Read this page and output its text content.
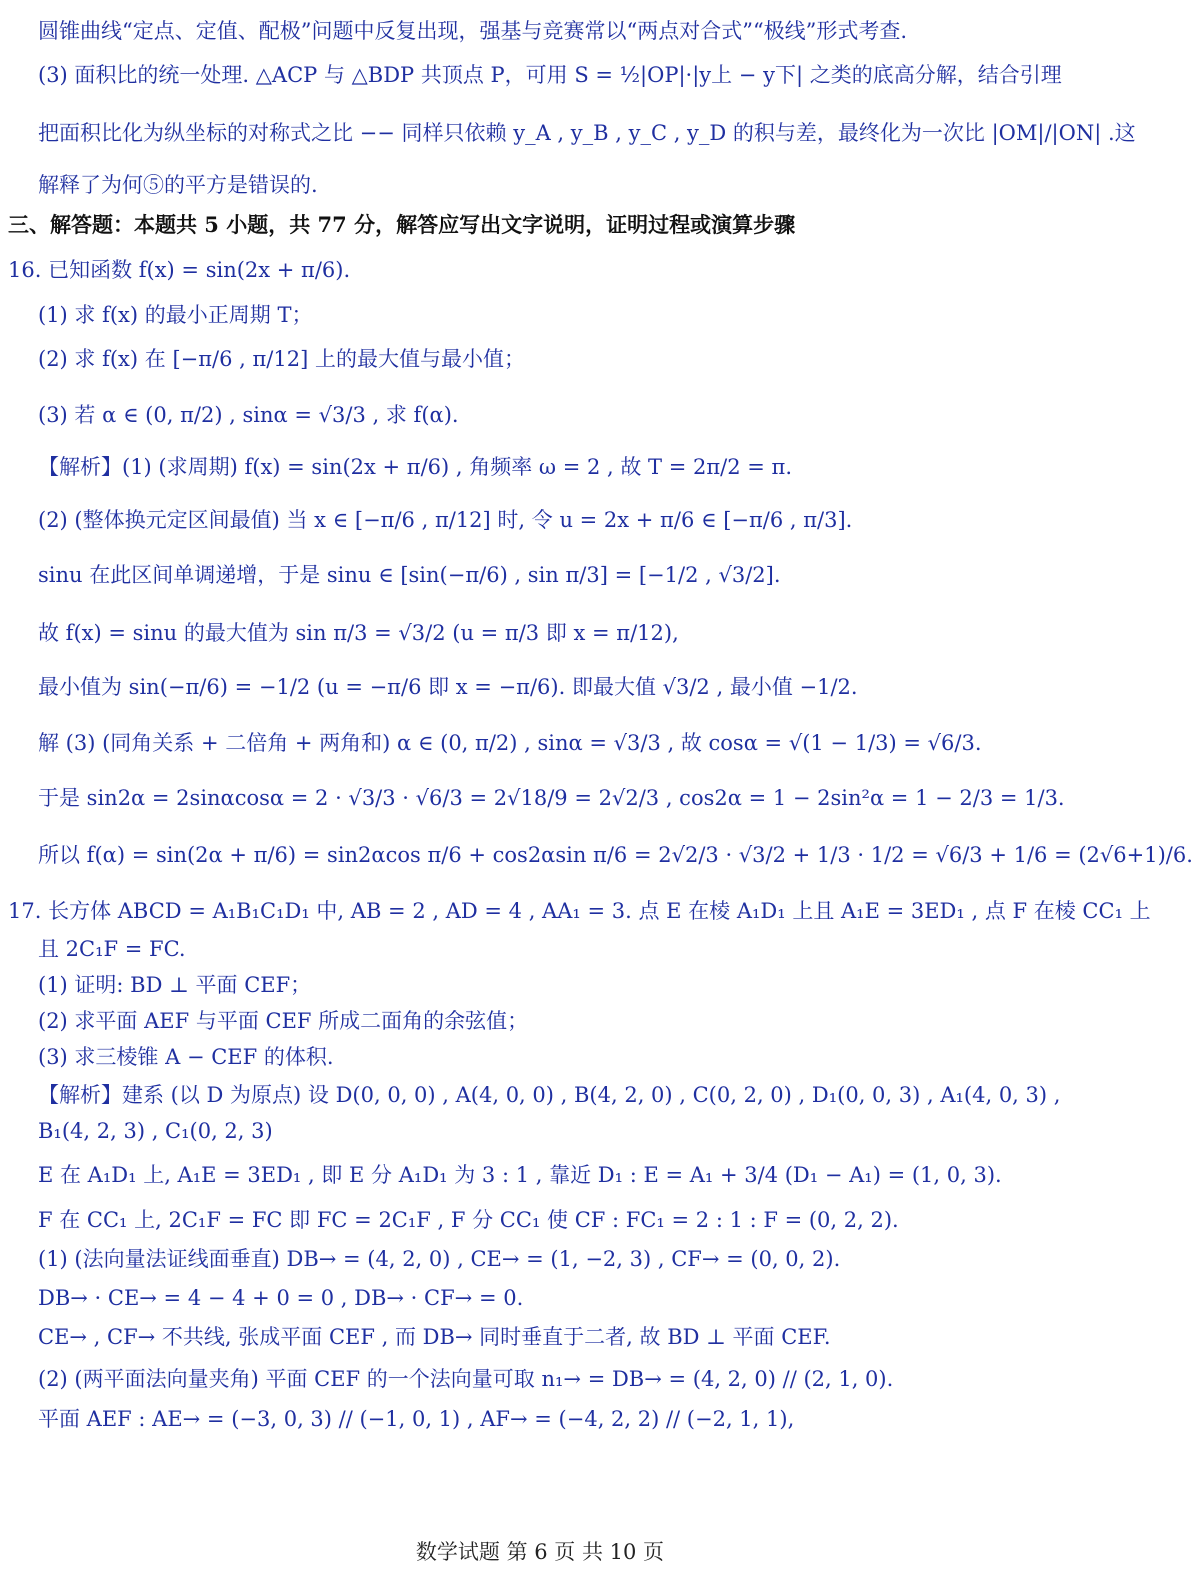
圆锥曲线“定点、定值、配极”问题中反复出现，强基与竞赛常以“两点对合式”“极线”形式考查.
(3) 面积比的统一处理. △ACP 与 △BDP 共顶点 P，可用 S = ½|OP|·|y上 − y下| 之类的底高分解，结合引理
把面积比化为纵坐标的对称式之比 −− 同样只依赖 y_A , y_B , y_C , y_D 的积与差，最终化为一次比 |OM|/|ON| .这
解释了为何⑤的平方是错误的.
三、解答题：本题共 5 小题，共 77 分，解答应写出文字说明，证明过程或演算步骤
16. 已知函数 f(x) = sin(2x + π/6).
(1) 求 f(x) 的最小正周期 T；
(2) 求 f(x) 在 [−π/6 , π/12] 上的最大值与最小值；
(3) 若 α ∈ (0, π/2) , sinα = √3/3 , 求 f(α).
【解析】(1) (求周期) f(x) = sin(2x + π/6) , 角频率 ω = 2 , 故 T = 2π/2 = π.
(2) (整体换元定区间最值) 当 x ∈ [−π/6 , π/12] 时, 令 u = 2x + π/6 ∈ [−π/6 , π/3].
sinu 在此区间单调递增，于是 sinu ∈ [sin(−π/6) , sin π/3] = [−1/2 , √3/2].
故 f(x) = sinu 的最大值为 sin π/3 = √3/2 (u = π/3 即 x = π/12),
最小值为 sin(−π/6) = −1/2 (u = −π/6 即 x = −π/6). 即最大值 √3/2 , 最小值 −1/2.
解 (3) (同角关系 + 二倍角 + 两角和) α ∈ (0, π/2) , sinα = √3/3 , 故 cosα = √(1 − 1/3) = √6/3.
于是 sin2α = 2sinαcosα = 2 · √3/3 · √6/3 = 2√18/9 = 2√2/3 , cos2α = 1 − 2sin²α = 1 − 2/3 = 1/3.
所以 f(α) = sin(2α + π/6) = sin2αcos π/6 + cos2αsin π/6 = 2√2/3 · √3/2 + 1/3 · 1/2 = √6/3 + 1/6 = (2√6+1)/6.
17. 长方体 ABCD = A₁B₁C₁D₁ 中, AB = 2 , AD = 4 , AA₁ = 3. 点 E 在棱 A₁D₁ 上且 A₁E = 3ED₁ , 点 F 在棱 CC₁ 上
且 2C₁F = FC.
(1) 证明: BD ⊥ 平面 CEF；
(2) 求平面 AEF 与平面 CEF 所成二面角的余弦值；
(3) 求三棱锥 A − CEF 的体积.
【解析】建系 (以 D 为原点) 设 D(0, 0, 0) , A(4, 0, 0) , B(4, 2, 0) , C(0, 2, 0) , D₁(0, 0, 3) , A₁(4, 0, 3) ,
B₁(4, 2, 3) , C₁(0, 2, 3)
E 在 A₁D₁ 上, A₁E = 3ED₁ , 即 E 分 A₁D₁ 为 3 : 1 , 靠近 D₁ : E = A₁ + 3/4 (D₁ − A₁) = (1, 0, 3).
F 在 CC₁ 上, 2C₁F = FC 即 FC = 2C₁F , F 分 CC₁ 使 CF : FC₁ = 2 : 1 : F = (0, 2, 2).
(1) (法向量法证线面垂直) DB→ = (4, 2, 0) , CE→ = (1, −2, 3) , CF→ = (0, 0, 2).
DB→ · CE→ = 4 − 4 + 0 = 0 , DB→ · CF→ = 0.
CE→ , CF→ 不共线, 张成平面 CEF , 而 DB→ 同时垂直于二者, 故 BD ⊥ 平面 CEF.
(2) (两平面法向量夹角) 平面 CEF 的一个法向量可取 n₁→ = DB→ = (4, 2, 0) // (2, 1, 0).
平面 AEF : AE→ = (−3, 0, 3) // (−1, 0, 1) , AF→ = (−4, 2, 2) // (−2, 1, 1),
数学试题 第 6 页 共 10 页
